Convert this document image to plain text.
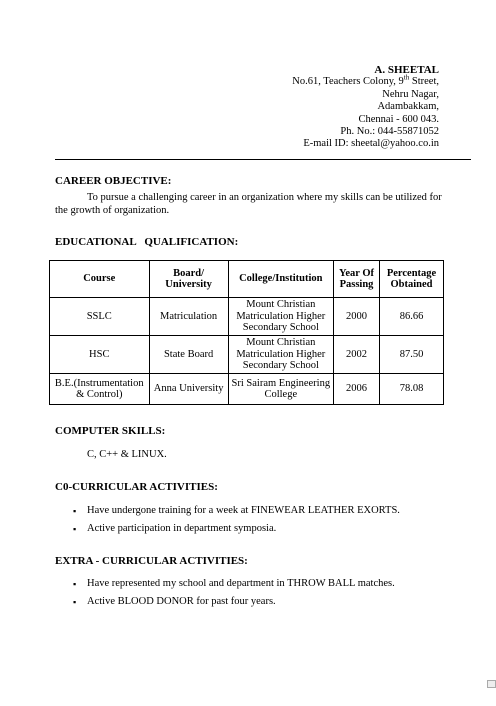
A. SHEETAL
No.61, Teachers Colony, 9th Street,
Nehru Nagar,
Adambakkam,
Chennai - 600 043.
Ph. No.: 044-55871052
E-mail ID: sheetal@yahoo.co.in
CAREER OBJECTIVE:
To pursue a challenging career in an organization where my skills can be utilized for the growth of organization.
EDUCATIONAL   QUALIFICATION:
Course	Board/ University	College/Institution	Year Of Passing	Percentage Obtained
SSLC	Matriculation	Mount Christian Matriculation Higher Secondary School	2000	86.66
HSC	State Board	Mount Christian Matriculation Higher Secondary School	2002	87.50
B.E.(Instrumentation & Control)	Anna University	Sri Sairam Engineering College	2006	78.08
COMPUTER SKILLS:
C, C++ & LINUX.
C0-CURRICULAR ACTIVITIES:
▪ Have undergone training for a week at FINEWEAR LEATHER EXORTS.
▪ Active participation in department symposia.
EXTRA - CURRICULAR ACTIVITIES:
▪ Have represented my school and department in THROW BALL matches.
▪ Active BLOOD DONOR for past four years.
